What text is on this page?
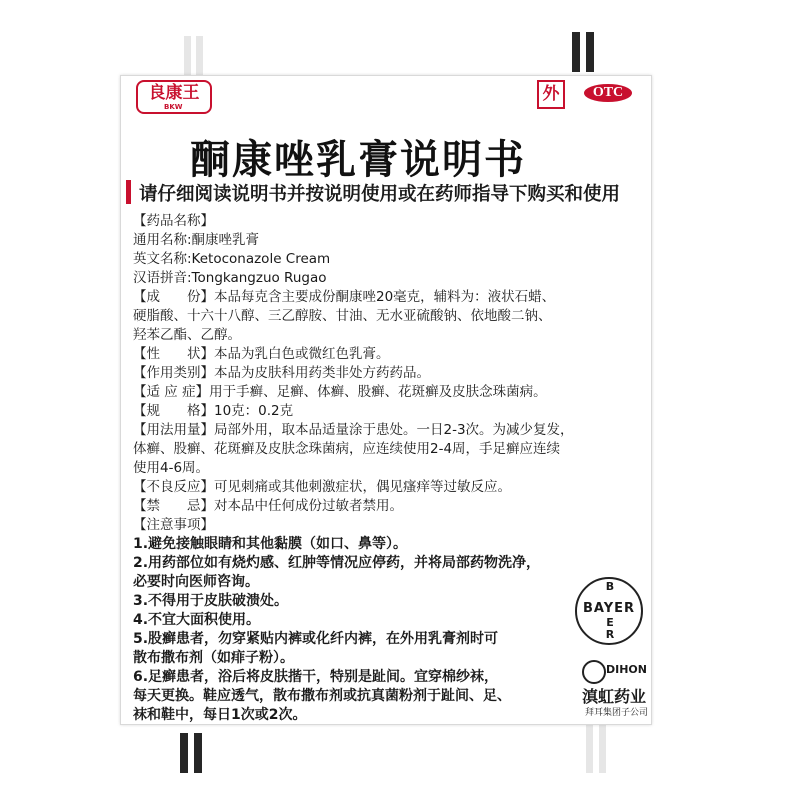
良康王
BKW
外	OTC
酮康唑乳膏说明书
请仔细阅读说明书并按说明使用或在药师指导下购买和使用
【药品名称】
通用名称:酮康唑乳膏
英文名称:Ketoconazole Cream
汉语拼音:Tongkangzuo Rugao
【成　　份】本品每克含主要成份酮康唑20毫克，辅料为：液状石蜡、
硬脂酸、十六十八醇、三乙醇胺、甘油、无水亚硫酸钠、依地酸二钠、
羟苯乙酯、乙醇。
【性　　状】本品为乳白色或微红色乳膏。
【作用类别】本品为皮肤科用药类非处方药药品。
【适 应 症】用于手癣、足癣、体癣、股癣、花斑癣及皮肤念珠菌病。
【规　　格】10克：0.2克
【用法用量】局部外用，取本品适量涂于患处。一日2-3次。为减少复发，
体癣、股癣、花斑癣及皮肤念珠菌病，应连续使用2-4周，手足癣应连续
使用4-6周。
【不良反应】可见刺痛或其他刺激症状，偶见瘙痒等过敏反应。
【禁　　忌】对本品中任何成份过敏者禁用。
【注意事项】
1.避免接触眼睛和其他黏膜（如口、鼻等）。
2.用药部位如有烧灼感、红肿等情况应停药，并将局部药物洗净，
必要时向医师咨询。
3.不得用于皮肤破溃处。
4.不宜大面积使用。
5.股癣患者，勿穿紧贴内裤或化纤内裤，在外用乳膏剂时可
散布撒布剂（如痱子粉）。
6.足癣患者，浴后将皮肤揩干，特别是趾间。宜穿棉纱袜，
每天更换。鞋应透气，散布撒布剂或抗真菌粉剂于趾间、足、
袜和鞋中，每日1次或2次。
BAYER
B
E
R
DIHON
滇虹药业
拜耳集团子公司
